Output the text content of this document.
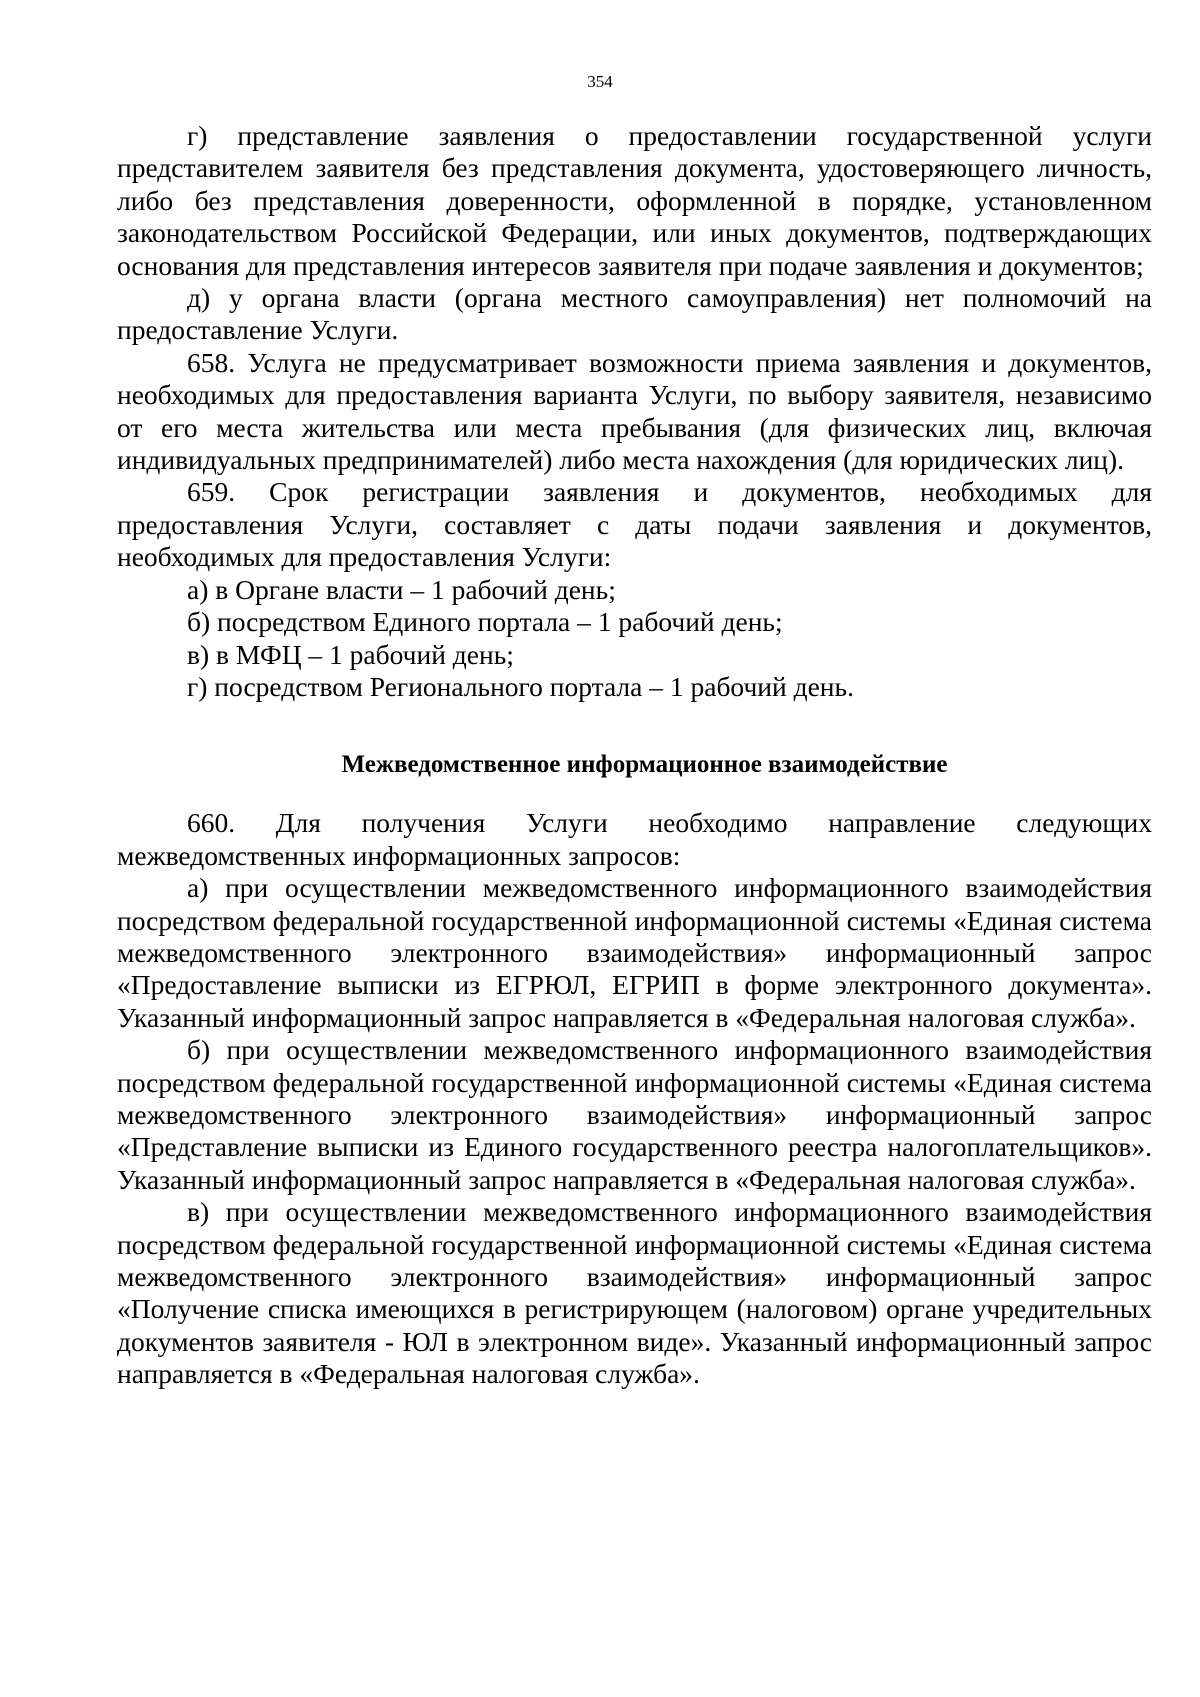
354

г) представление заявления о предоставлении государственной услуги представителем заявителя без представления документа, удостоверяющего личность, либо без представления доверенности, оформленной в порядке, установленном законодательством Российской Федерации, или иных документов, подтверждающих основания для представления интересов заявителя при подаче заявления и документов;

д) у органа власти (органа местного самоуправления) нет полномочий на предоставление Услуги.

658. Услуга не предусматривает возможности приема заявления и документов, необходимых для предоставления варианта Услуги, по выбору заявителя, независимо от его места жительства или места пребывания (для физических лиц, включая индивидуальных предпринимателей) либо места нахождения (для юридических лиц).

659. Срок регистрации заявления и документов, необходимых для предоставления Услуги, составляет с даты подачи заявления и документов, необходимых для предоставления Услуги:

а) в Органе власти – 1 рабочий день;

б) посредством Единого портала – 1 рабочий день;

в) в МФЦ – 1 рабочий день;

г) посредством Регионального портала – 1 рабочий день.

Межведомственное информационное взаимодействие

660. Для получения Услуги необходимо направление следующих межведомственных информационных запросов:

а) при осуществлении межведомственного информационного взаимодействия посредством федеральной государственной информационной системы «Единая система межведомственного электронного взаимодействия» информационный запрос «Предоставление выписки из ЕГРЮЛ, ЕГРИП в форме электронного документа». Указанный информационный запрос направляется в «Федеральная налоговая служба».

б) при осуществлении межведомственного информационного взаимодействия посредством федеральной государственной информационной системы «Единая система межведомственного электронного взаимодействия» информационный запрос «Представление выписки из Единого государственного реестра налогоплательщиков». Указанный информационный запрос направляется в «Федеральная налоговая служба».

в) при осуществлении межведомственного информационного взаимодействия посредством федеральной государственной информационной системы «Единая система межведомственного электронного взаимодействия» информационный запрос «Получение списка имеющихся в регистрирующем (налоговом) органе учредительных документов заявителя - ЮЛ в электронном виде». Указанный информационный запрос направляется в «Федеральная налоговая служба».
